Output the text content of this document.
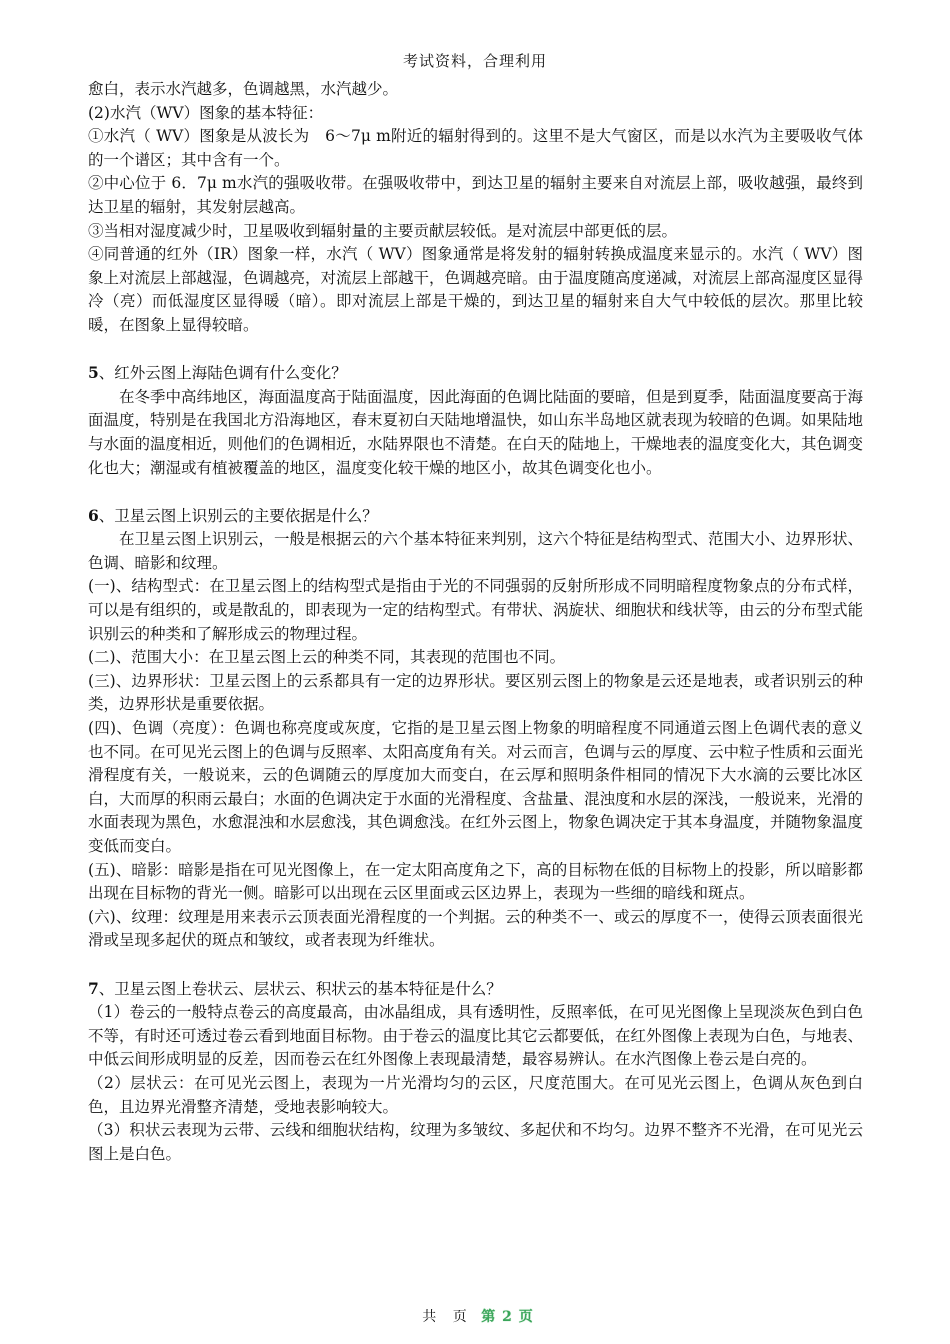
考试资料，合理利用

愈白，表示水汽越多，色调越黑，水汽越少。

(2)水汽（WV）图象的基本特征：

①水汽（ WV）图象是从波长为　6～7μ m附近的辐射得到的。这里不是大气窗区，而是以水汽为主要吸收气体的一个谱区；其中含有一个。

②中心位于 6．7μ m水汽的强吸收带。在强吸收带中，到达卫星的辐射主要来自对流层上部，吸收越强，最终到达卫星的辐射，其发射层越高。

③当相对湿度减少时，卫星吸收到辐射量的主要贡献层较低。是对流层中部更低的层。

④同普通的红外（IR）图象一样，水汽（ WV）图象通常是将发射的辐射转换成温度来显示的。水汽（ WV）图象上对流层上部越湿，色调越亮，对流层上部越干，色调越亮暗。由于温度随高度递减，对流层上部高湿度区显得冷（亮）而低湿度区显得暖（暗）。即对流层上部是干燥的，到达卫星的辐射来自大气中较低的层次。那里比较暖，在图象上显得较暗。

5、红外云图上海陆色调有什么变化？

在冬季中高纬地区，海面温度高于陆面温度，因此海面的色调比陆面的要暗，但是到夏季，陆面温度要高于海面温度，特别是在我国北方沿海地区，春末夏初白天陆地增温快，如山东半岛地区就表现为较暗的色调。如果陆地与水面的温度相近，则他们的色调相近，水陆界限也不清楚。在白天的陆地上，干燥地表的温度变化大，其色调变化也大；潮湿或有植被覆盖的地区，温度变化较干燥的地区小，故其色调变化也小。

6、卫星云图上识别云的主要依据是什么？

在卫星云图上识别云，一般是根据云的六个基本特征来判别，这六个特征是结构型式、范围大小、边界形状、色调、暗影和纹理。

(一)、结构型式：在卫星云图上的结构型式是指由于光的不同强弱的反射所形成不同明暗程度物象点的分布式样，可以是有组织的，或是散乱的，即表现为一定的结构型式。有带状、涡旋状、细胞状和线状等，由云的分布型式能识别云的种类和了解形成云的物理过程。

(二)、范围大小：在卫星云图上云的种类不同，其表现的范围也不同。

(三)、边界形状：卫星云图上的云系都具有一定的边界形状。要区别云图上的物象是云还是地表，或者识别云的种类，边界形状是重要依据。

(四)、色调（亮度）：色调也称亮度或灰度，它指的是卫星云图上物象的明暗程度不同通道云图上色调代表的意义也不同。在可见光云图上的色调与反照率、太阳高度角有关。对云而言，色调与云的厚度、云中粒子性质和云面光滑程度有关，一般说来，云的色调随云的厚度加大而变白，在云厚和照明条件相同的情况下大水滴的云要比冰区白，大而厚的积雨云最白；水面的色调决定于水面的光滑程度、含盐量、混浊度和水层的深浅，一般说来，光滑的水面表现为黑色，水愈混浊和水层愈浅，其色调愈浅。在红外云图上，物象色调决定于其本身温度，并随物象温度变低而变白。

(五)、暗影：暗影是指在可见光图像上，在一定太阳高度角之下，高的目标物在低的目标物上的投影，所以暗影都出现在目标物的背光一侧。暗影可以出现在云区里面或云区边界上，表现为一些细的暗线和斑点。

(六)、纹理：纹理是用来表示云顶表面光滑程度的一个判据。云的种类不一、或云的厚度不一，使得云顶表面很光滑或呈现多起伏的斑点和皱纹，或者表现为纤维状。

7、卫星云图上卷状云、层状云、积状云的基本特征是什么？

（1）卷云的一般特点卷云的高度最高，由冰晶组成，具有透明性，反照率低，在可见光图像上呈现淡灰色到白色不等，有时还可透过卷云看到地面目标物。由于卷云的温度比其它云都要低，在红外图像上表现为白色，与地表、中低云间形成明显的反差，因而卷云在红外图像上表现最清楚，最容易辨认。在水汽图像上卷云是白亮的。

（2）层状云：在可见光云图上，表现为一片光滑均匀的云区，尺度范围大。在可见光云图上，色调从灰色到白色，且边界光滑整齐清楚，受地表影响较大。

（3）积状云表现为云带、云线和细胞状结构，纹理为多皱纹、多起伏和不均匀。边界不整齐不光滑，在可见光云图上是白色。

共 页 第 2 页
